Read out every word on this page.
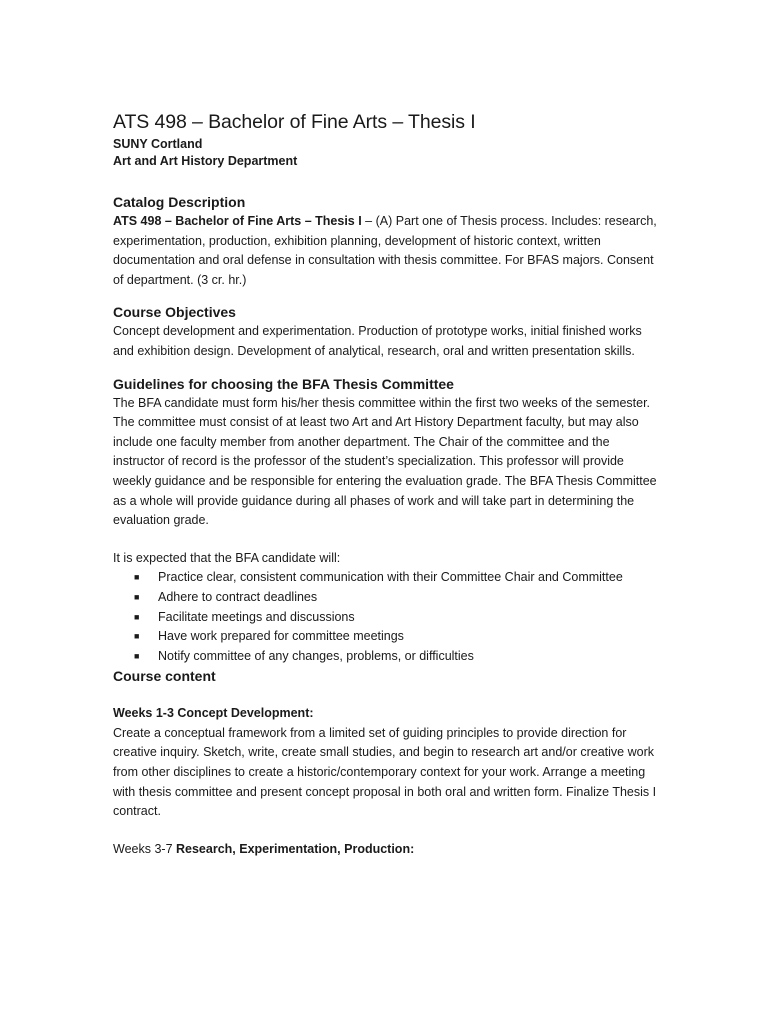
ATS 498 – Bachelor of Fine Arts – Thesis I

SUNY Cortland

Art and Art History Department

Catalog Description

ATS 498 – Bachelor of Fine Arts – Thesis I – (A) Part one of Thesis process. Includes: research, experimentation, production, exhibition planning, development of historic context, written documentation and oral defense in consultation with thesis committee. For BFAS majors. Consent of department. (3 cr. hr.)

Course Objectives

Concept development and experimentation. Production of prototype works, initial finished works and exhibition design. Development of analytical, research, oral and written presentation skills.

Guidelines for choosing the BFA Thesis Committee

The BFA candidate must form his/her thesis committee within the first two weeks of the semester. The committee must consist of at least two Art and Art History Department faculty, but may also include one faculty member from another department. The Chair of the committee and the instructor of record is the professor of the student’s specialization. This professor will provide weekly guidance and be responsible for entering the evaluation grade. The BFA Thesis Committee as a whole will provide guidance during all phases of work and will take part in determining the evaluation grade.

It is expected that the BFA candidate will:

■ Practice clear, consistent communication with their Committee Chair and Committee
■ Adhere to contract deadlines
■ Facilitate meetings and discussions
■ Have work prepared for committee meetings
■ Notify committee of any changes, problems, or difficulties
Course content

Weeks 1-3 Concept Development:

Create a conceptual framework from a limited set of guiding principles to provide direction for creative inquiry. Sketch, write, create small studies, and begin to research art and/or creative work from other disciplines to create a historic/contemporary context for your work. Arrange a meeting with thesis committee and present concept proposal in both oral and written form. Finalize Thesis I contract.

Weeks 3-7 Research, Experimentation, Production:
